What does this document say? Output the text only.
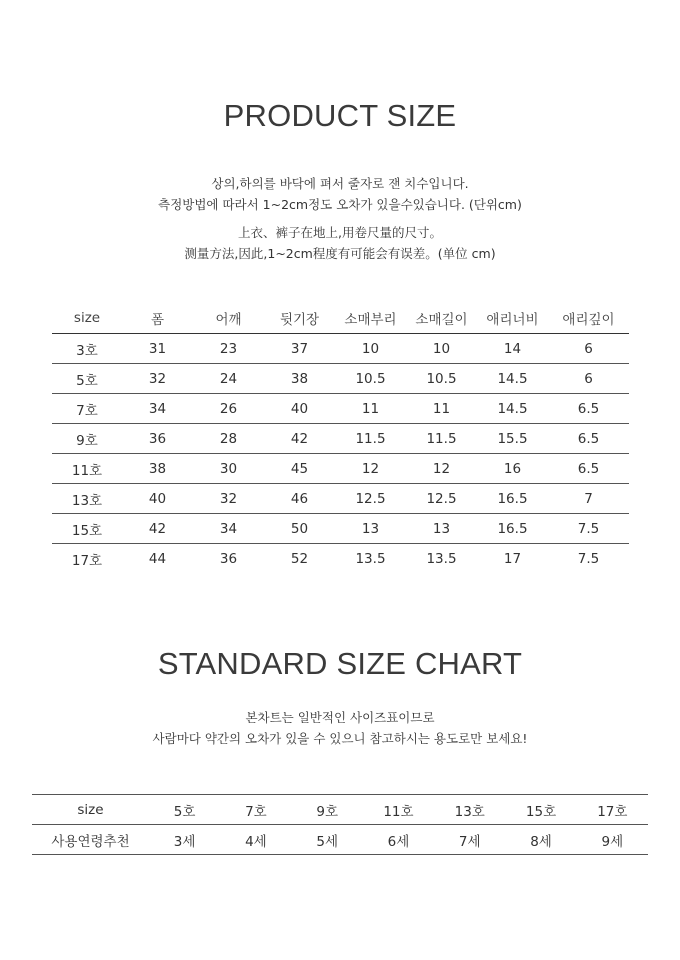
PRODUCT SIZE
상의,하의를 바닥에 펴서 줄자로 잰 치수입니다.
측정방법에 따라서 1~2cm정도 오차가 있을수있습니다. (단위cm)
上衣、裤子在地上,用卷尺量的尺寸。
测量方法,因此,1~2cm程度有可能会有误差。(单位 cm)
size	폼	어깨	뒷기장	소매부리	소매길이	애리너비	애리깊이
3호	31	23	37	10	10	14	6
5호	32	24	38	10.5	10.5	14.5	6
7호	34	26	40	11	11	14.5	6.5
9호	36	28	42	11.5	11.5	15.5	6.5
11호	38	30	45	12	12	16	6.5
13호	40	32	46	12.5	12.5	16.5	7
15호	42	34	50	13	13	16.5	7.5
17호	44	36	52	13.5	13.5	17	7.5
STANDARD SIZE CHART
본차트는 일반적인 사이즈표이므로
사람마다 약간의 오차가 있을 수 있으니 참고하시는 용도로만 보세요!
size	5호	7호	9호	11호	13호	15호	17호
사용연령추천	3세	4세	5세	6세	7세	8세	9세
